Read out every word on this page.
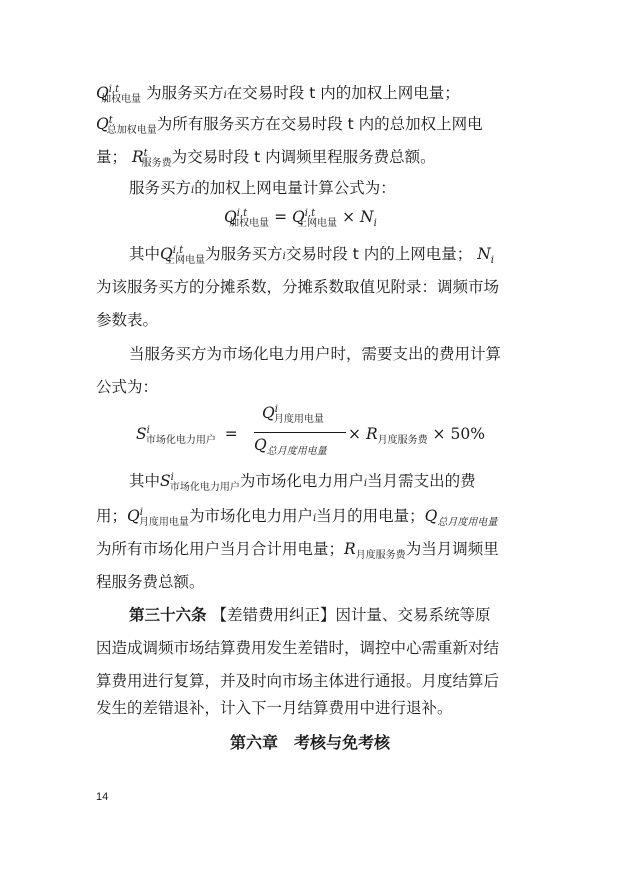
Q$^{i,t}_{加权电量}$ 为服务买方i在交易时段 t 内的加权上网电量；
$Q^t_{总加权电量}$为所有服务买方在交易时段 t 内的总加权上网电
量； $R^t_{服务费}$为交易时段 t 内调频里程服务费总额。
服务买方i的加权上网电量计算公式为：
$Q^{i,t}_{加权电量} = Q^{i,t}_{上网电量} \times N_i$
其中Q$^{i,t}_{上网电量}$为服务买方i交易时段 t 内的上网电量； $N_i$
为该服务买方的分摊系数，分摊系数取值见附录：调频市场
参数表。
当服务买方为市场化电力用户时，需要支出的费用计算
公式为：
$S^i_{市场化电力用户}$ =
$Q^i_{月度用电量}$
$Q_{总月度用电量}$
× $R_{月度服务费} \times 50\%$
其中$S^i_{市场化电力用户}$为市场化电力用户i当月需支出的费
用；$Q^i_{月度用电量}$为市场化电力用户i当月的用电量；$Q_{总月度用电量}$
为所有市场化用户当月合计用电量；$R_{月度服务费}$为当月调频里
程服务费总额。
第三十六条 【差错费用纠正】因计量、交易系统等原
因造成调频市场结算费用发生差错时，调控中心需重新对结
算费用进行复算，并及时向市场主体进行通报。月度结算后
发生的差错退补，计入下一月结算费用中进行退补。
第六章　考核与免考核
14
